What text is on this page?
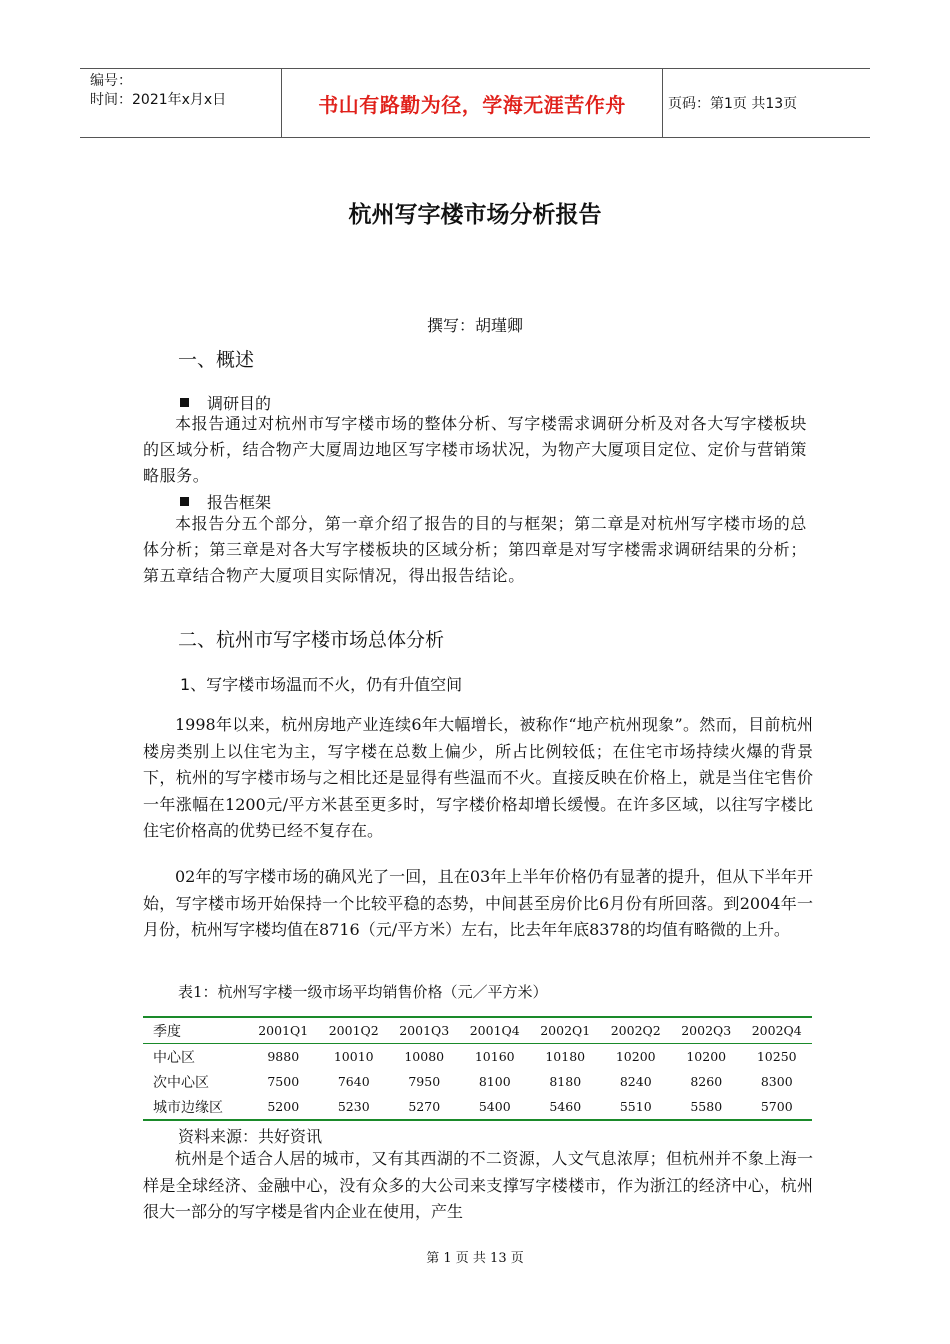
编号：
时间：2021年x月x日	书山有路勤为径，学海无涯苦作舟	页码：第1页 共13页
杭州写字楼市场分析报告
撰写：胡瑾卿
一、概述
调研目的

本报告通过对杭州市写字楼市场的整体分析、写字楼需求调研分析及对各大写字楼板块的区域分析，结合物产大厦周边地区写字楼市场状况，为物产大厦项目定位、定价与营销策略服务。

报告框架

本报告分五个部分，第一章介绍了报告的目的与框架；第二章是对杭州写字楼市场的总体分析；第三章是对各大写字楼板块的区域分析；第四章是对写字楼需求调研结果的分析；第五章结合物产大厦项目实际情况，得出报告结论。

二、杭州市写字楼市场总体分析
1、写字楼市场温而不火，仍有升值空间

1998年以来，杭州房地产业连续6年大幅增长，被称作“地产杭州现象”。然而，目前杭州楼房类别上以住宅为主，写字楼在总数上偏少，所占比例较低；在住宅市场持续火爆的背景下，杭州的写字楼市场与之相比还是显得有些温而不火。直接反映在价格上，就是当住宅售价一年涨幅在1200元/平方米甚至更多时，写字楼价格却增长缓慢。在许多区域，以往写字楼比住宅价格高的优势已经不复存在。

02年的写字楼市场的确风光了一回，且在03年上半年价格仍有显著的提升，但从下半年开始，写字楼市场开始保持一个比较平稳的态势，中间甚至房价比6月份有所回落。到2004年一月份，杭州写字楼均值在8716（元/平方米）左右，比去年年底8378的均值有略微的上升。

表1：杭州写字楼一级市场平均销售价格（元／平方米）
季度	2001Q1	2001Q2	2001Q3	2001Q4	2002Q1	2002Q2	2002Q3	2002Q4
中心区	9880	10010	10080	10160	10180	10200	10200	10250
次中心区	7500	7640	7950	8100	8180	8240	8260	8300
城市边缘区	5200	5230	5270	5400	5460	5510	5580	5700
资料来源：共好资讯

杭州是个适合人居的城市，又有其西湖的不二资源，人文气息浓厚；但杭州并不象上海一样是全球经济、金融中心，没有众多的大公司来支撑写字楼楼市，作为浙江的经济中心，杭州很大一部分的写字楼是省内企业在使用，产生

第 1 页 共 13 页
